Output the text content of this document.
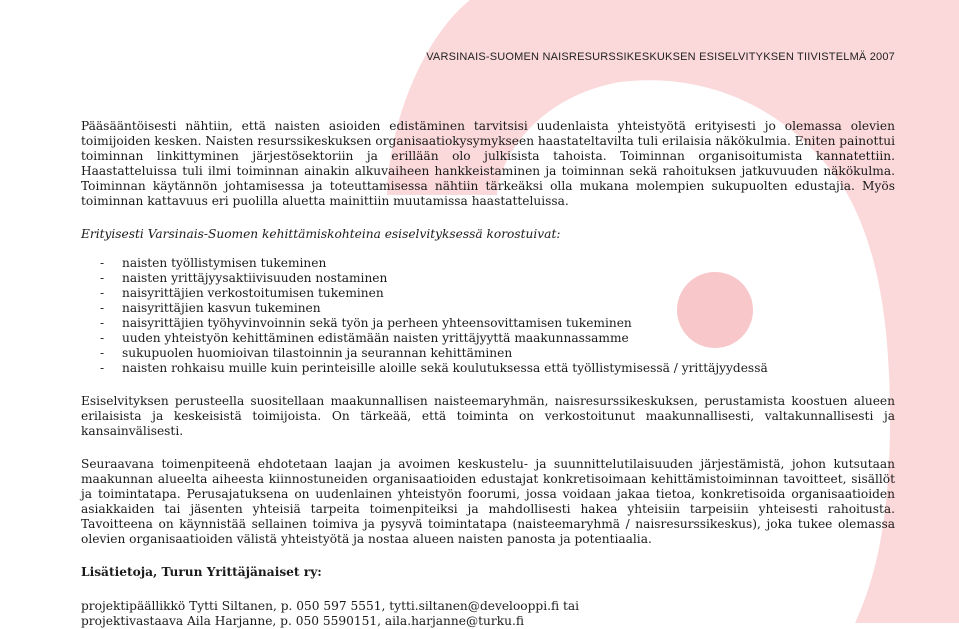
VARSINAIS-SUOMEN NAISRESURSSIKESKUKSEN ESISELVITYKSEN TIIVISTELMÄ 2007

Pääsääntöisesti nähtiin, että naisten asioiden edistäminen tarvitsisi uudenlaista yhteistyötä erityisesti jo olemassa olevien toimijoiden kesken. Naisten resurssikeskuksen organisaatiokysymykseen haastateltavilta tuli erilaisia näkökulmia. Eniten painottui toiminnan linkittyminen järjestösektoriin ja erillään olo julkisista tahoista. Toiminnan organisoitumista kannatettiin. Haastatteluissa tuli ilmi toiminnan ainakin alkuvaiheen hankkeistaminen ja toiminnan sekä rahoituksen jatkuvuuden näkökulma. Toiminnan käytännön johtamisessa ja toteuttamisessa nähtiin tärkeäksi olla mukana molempien sukupuolten edustajia. Myös toiminnan kattavuus eri puolilla aluetta mainittiin muutamissa haastatteluissa.

Erityisesti Varsinais-Suomen kehittämiskohteina esiselvityksessä korostuivat:

- naisten työllistymisen tukeminen
- naisten yrittäjyysaktiivisuuden nostaminen
- naisyrittäjien verkostoitumisen tukeminen
- naisyrittäjien kasvun tukeminen
- naisyrittäjien työhyvinvoinnin sekä työn ja perheen yhteensovittamisen tukeminen
- uuden yhteistyön kehittäminen edistämään naisten yrittäjyyttä maakunnassamme
- sukupuolen huomioivan tilastoinnin ja seurannan kehittäminen
- naisten rohkaisu muille kuin perinteisille aloille sekä koulutuksessa että työllistymisessä / yrittäjyydessä

Esiselvityksen perusteella suositellaan maakunnallisen naisteemaryhmän, naisresurssikeskuksen, perustamista koostuen alueen erilaisista ja keskeisistä toimijoista. On tärkeää, että toiminta on verkostoitunut maakunnallisesti, valtakunnallisesti ja kansainvälisesti.

Seuraavana toimenpiteenä ehdotetaan laajan ja avoimen keskustelu- ja suunnittelutilaisuuden järjestämistä, johon kutsutaan maakunnan alueelta aiheesta kiinnostuneiden organisaatioiden edustajat konkretisoimaan kehittämistoiminnan tavoitteet, sisällöt ja toimintatapa. Perusajatuksena on uudenlainen yhteistyön foorumi, jossa voidaan jakaa tietoa, konkretisoida organisaatioiden asiakkaiden tai jäsenten yhteisiä tarpeita toimenpiteiksi ja mahdollisesti hakea yhteisiin tarpeisiin yhteisesti rahoitusta. Tavoitteena on käynnistää sellainen toimiva ja pysyvä toimintatapa (naisteemaryhmä / naisresurssikeskus), joka tukee olemassa olevien organisaatioiden välistä yhteistyötä ja nostaa alueen naisten panosta ja potentiaalia.

Lisätietoja, Turun Yrittäjänaiset ry:

projektipäällikkö Tytti Siltanen, p. 050 597 5551, tytti.siltanen@develooppi.fi tai

projektivastaava Aila Harjanne, p. 050 5590151, aila.harjanne@turku.fi
